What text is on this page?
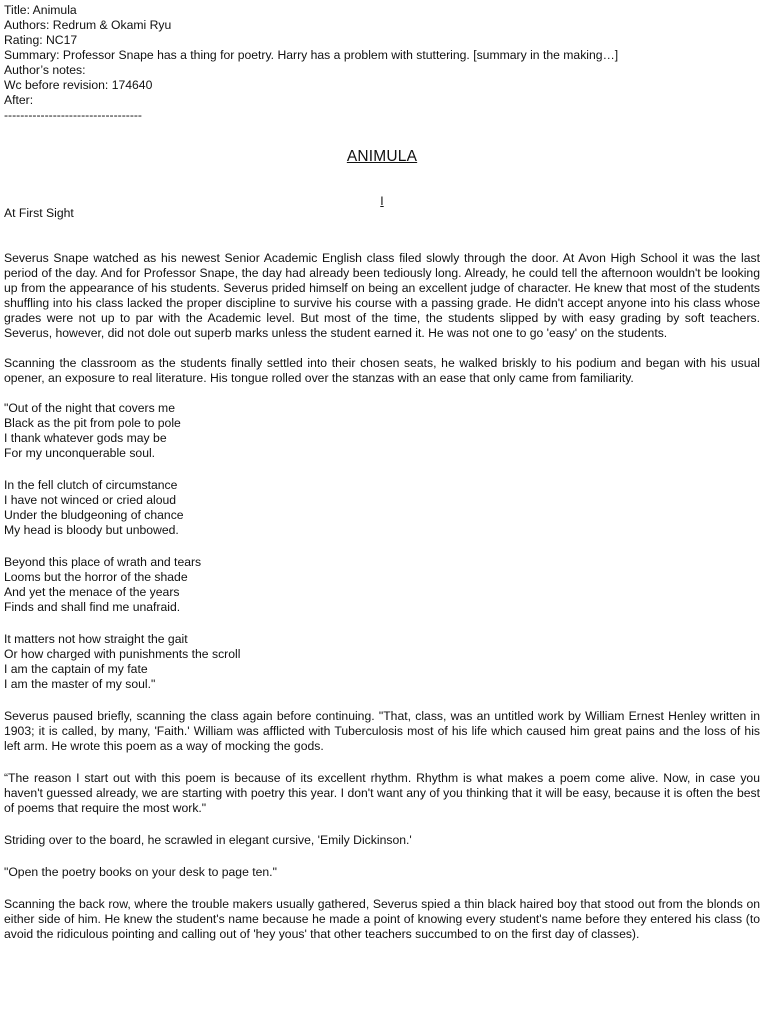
Title: Animula
Authors: Redrum & Okami Ryu
Rating: NC17
Summary: Professor Snape has a thing for poetry. Harry has a problem with stuttering. [summary in the making…]
Author’s notes:
Wc before revision: 174640
After:
----------------------------------
ANIMULA
I
At First Sight

Severus Snape watched as his newest Senior Academic English class filed slowly through the door. At Avon High School it was the last period of the day. And for Professor Snape, the day had already been tediously long. Already, he could tell the afternoon wouldn't be looking up from the appearance of his students. Severus prided himself on being an excellent judge of character. He knew that most of the students shuffling into his class lacked the proper discipline to survive his course with a passing grade. He didn't accept anyone into his class whose grades were not up to par with the Academic level. But most of the time, the students slipped by with easy grading by soft teachers. Severus, however, did not dole out superb marks unless the student earned it. He was not one to go 'easy' on the students.

Scanning the classroom as the students finally settled into their chosen seats, he walked briskly to his podium and began with his usual opener, an exposure to real literature. His tongue rolled over the stanzas with an ease that only came from familiarity.

"Out of the night that covers me
Black as the pit from pole to pole
I thank whatever gods may be
For my unconquerable soul.
In the fell clutch of circumstance
I have not winced or cried aloud
Under the bludgeoning of chance
My head is bloody but unbowed.
Beyond this place of wrath and tears
Looms but the horror of the shade
And yet the menace of the years
Finds and shall find me unafraid.
It matters not how straight the gait
Or how charged with punishments the scroll
I am the captain of my fate
I am the master of my soul."

Severus paused briefly, scanning the class again before continuing. "That, class, was an untitled work by William Ernest Henley written in 1903; it is called, by many, 'Faith.' William was afflicted with Tuberculosis most of his life which caused him great pains and the loss of his left arm. He wrote this poem as a way of mocking the gods.

“The reason I start out with this poem is because of its excellent rhythm. Rhythm is what makes a poem come alive. Now, in case you haven't guessed already, we are starting with poetry this year. I don't want any of you thinking that it will be easy, because it is often the best of poems that require the most work."

Striding over to the board, he scrawled in elegant cursive, 'Emily Dickinson.'

"Open the poetry books on your desk to page ten."

Scanning the back row, where the trouble makers usually gathered, Severus spied a thin black haired boy that stood out from the blonds on either side of him. He knew the student's name because he made a point of knowing every student's name before they entered his class (to avoid the ridiculous pointing and calling out of 'hey yous' that other teachers succumbed to on the first day of classes).
